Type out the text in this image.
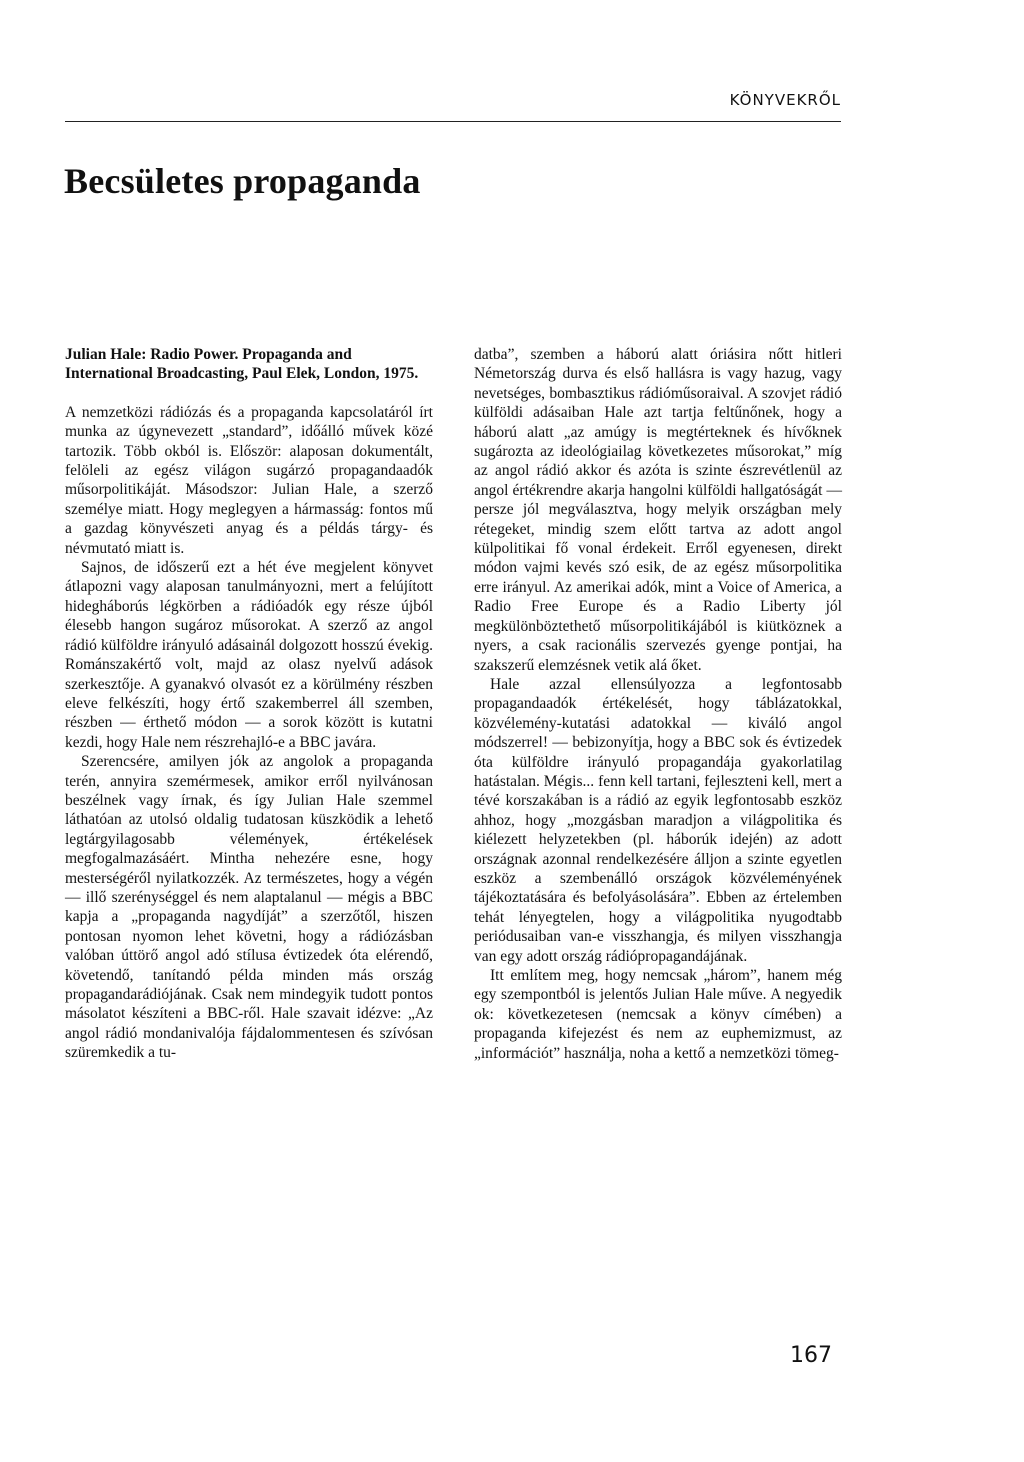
KÖNYVEKRŐL
Becsületes propaganda

Julian Hale: Radio Power. Propaganda and International Broadcasting, Paul Elek, London, 1975.

A nemzetközi rádiózás és a propaganda kapcsolatáról írt munka az úgynevezett „standard”, időálló művek közé tartozik. Több okból is. Először: alaposan dokumentált, felöleli az egész világon sugárzó propagandaadók műsorpolitikáját. Másodszor: Julian Hale, a szerző személye miatt. Hogy meglegyen a hármasság: fontos mű a gazdag könyvészeti anyag és a példás tárgy- és névmutató miatt is.

Sajnos, de időszerű ezt a hét éve megjelent könyvet átlapozni vagy alaposan tanulmányozni, mert a felújított hidegháborús légkörben a rádióadók egy része újból élesebb hangon sugároz műsorokat. A szerző az angol rádió külföldre irányuló adásainál dolgozott hosszú évekig. Románszakértő volt, majd az olasz nyelvű adások szerkesztője. A gyanakvó olvasót ez a körülmény részben eleve felkészíti, hogy értő szakemberrel áll szemben, részben — érthető módon — a sorok között is kutatni kezdi, hogy Hale nem részrehajló-e a BBC javára.

Szerencsére, amilyen jók az angolok a propaganda terén, annyira szemérmesek, amikor erről nyilvánosan beszélnek vagy írnak, és így Julian Hale szemmel láthatóan az utolsó oldalig tudatosan küszködik a lehető legtárgyilagosabb vélemények, értékelések megfogalmazásáért. Mintha nehezére esne, hogy mesterségéről nyilatkozzék. Az természetes, hogy a végén — illő szerénységgel és nem alaptalanul — mégis a BBC kapja a „propaganda nagydíját” a szerzőtől, hiszen pontosan nyomon lehet követni, hogy a rádiózásban valóban úttörő angol adó stílusa évtizedek óta elérendő, követendő, tanítandó példa minden más ország propagandarádiójának. Csak nem mindegyik tudott pontos másolatot készíteni a BBC-ről. Hale szavait idézve: „Az angol rádió mondanivalója fájdalommentesen és szívósan szüremkedik a tu-

datba”, szemben a háború alatt óriásira nőtt hitleri Németország durva és első hallásra is vagy hazug, vagy nevetséges, bombasztikus rádióműsoraival. A szovjet rádió külföldi adásaiban Hale azt tartja feltűnőnek, hogy a háború alatt „az amúgy is megtérteknek és hívőknek sugározta az ideológiailag következetes műsorokat,” míg az angol rádió akkor és azóta is szinte észrevétlenül az angol értékrendre akarja hangolni külföldi hallgatóságát — persze jól megválasztva, hogy melyik országban mely rétegeket, mindig szem előtt tartva az adott angol külpolitikai fő vonal érdekeit. Erről egyenesen, direkt módon vajmi kevés szó esik, de az egész műsorpolitika erre irányul. Az amerikai adók, mint a Voice of America, a Radio Free Europe és a Radio Liberty jól megkülönböztethető műsorpolitikájából is kiütköznek a nyers, a csak racionális szervezés gyenge pontjai, ha szakszerű elemzésnek vetik alá őket.

Hale azzal ellensúlyozza a legfontosabb propagandaadók értékelését, hogy táblázatokkal, közvélemény-kutatási adatokkal — kiváló angol módszerrel! — bebizonyítja, hogy a BBC sok és évtizedek óta külföldre irányuló propagandája gyakorlatilag hatástalan. Mégis... fenn kell tartani, fejleszteni kell, mert a tévé korszakában is a rádió az egyik legfontosabb eszköz ahhoz, hogy „mozgásban maradjon a világpolitika és kiélezett helyzetekben (pl. háborúk idején) az adott országnak azonnal rendelkezésére álljon a szinte egyetlen eszköz a szembenálló országok közvéleményének tájékoztatására és befolyásolására”. Ebben az értelemben tehát lényegtelen, hogy a világpolitika nyugodtabb periódusaiban van-e visszhangja, és milyen visszhangja van egy adott ország rádiópropagandájának.

Itt említem meg, hogy nemcsak „három”, hanem még egy szempontból is jelentős Julian Hale műve. A negyedik ok: következetesen (nemcsak a könyv címében) a propaganda kifejezést és nem az euphemizmust, az „információt” használja, noha a kettő a nemzetközi tömeg-

167
